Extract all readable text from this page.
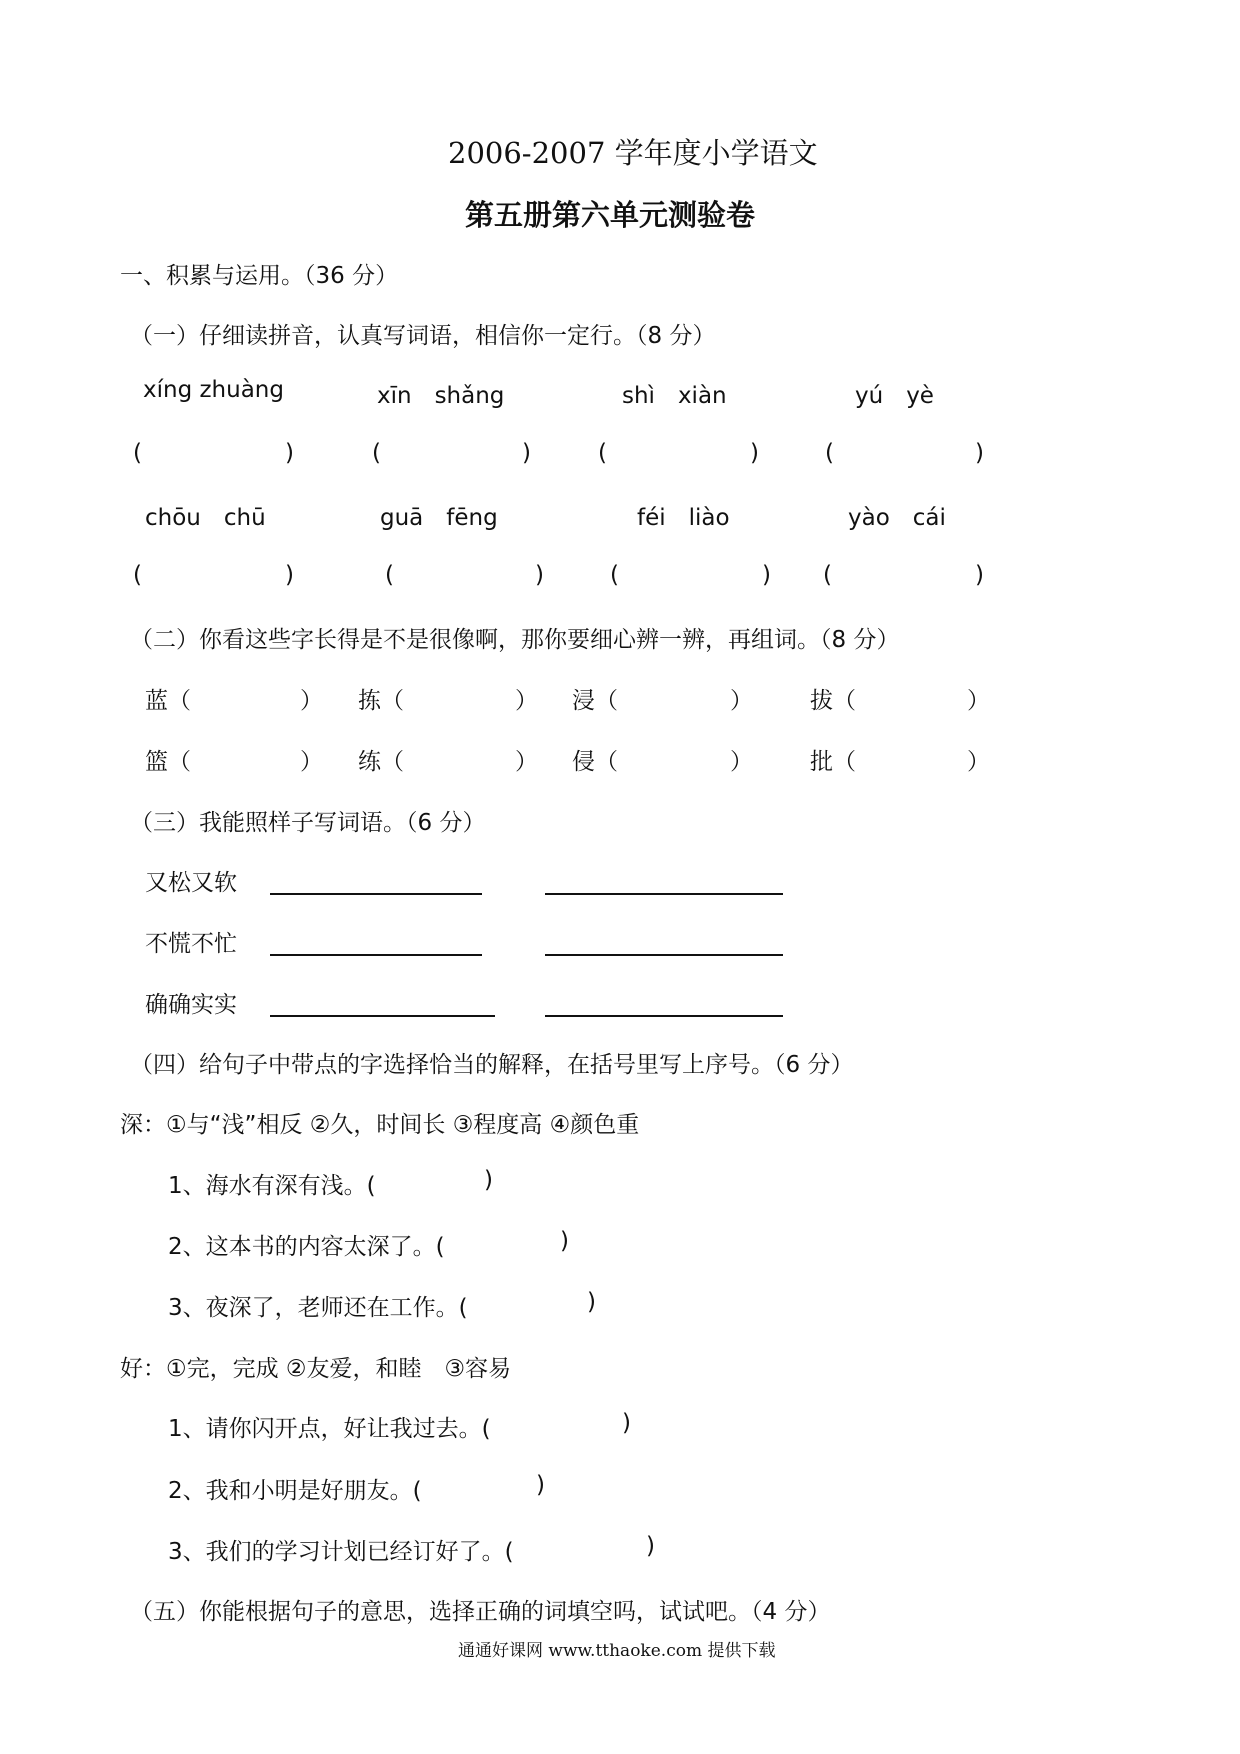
2006-2007 学年度小学语文
第五册第六单元测验卷
一、积累与运用。（36 分）
（一）仔细读拼音，认真写词语，相信你一定行。（8 分）
xíng zhuàng	xīn　shǎng	shì　xiàn	yú　yè
(	)	(	)	(	)	(	)
chōu　chū	guā　fēng	féi　liào	yào　cái
(	)	(	)	(	) (	)
（二）你看这些字长得是不是很像啊，那你要细心辨一辨，再组词。（8 分）
蓝（	） 拣（	） 浸（	） 拔（	）
篮（	） 练（	） 侵（	） 批（	）
（三）我能照样子写词语。（6 分）
又松又软
不慌不忙
确确实实
（四）给句子中带点的字选择恰当的解释，在括号里写上序号。（6 分）
深：①与“浅”相反 ②久，时间长 ③程度高 ④颜色重
1、海水有深有浅。(	)
2、这本书的内容太深了。(	)
3、夜深了，老师还在工作。(	)
好：①完，完成 ②友爱，和睦　③容易
1、请你闪开点，好让我过去。(	)
2、我和小明是好朋友。(	)
3、我们的学习计划已经订好了。(	)
（五）你能根据句子的意思，选择正确的词填空吗，试试吧。（4 分）
通通好课网 www.tthaoke.com 提供下载
